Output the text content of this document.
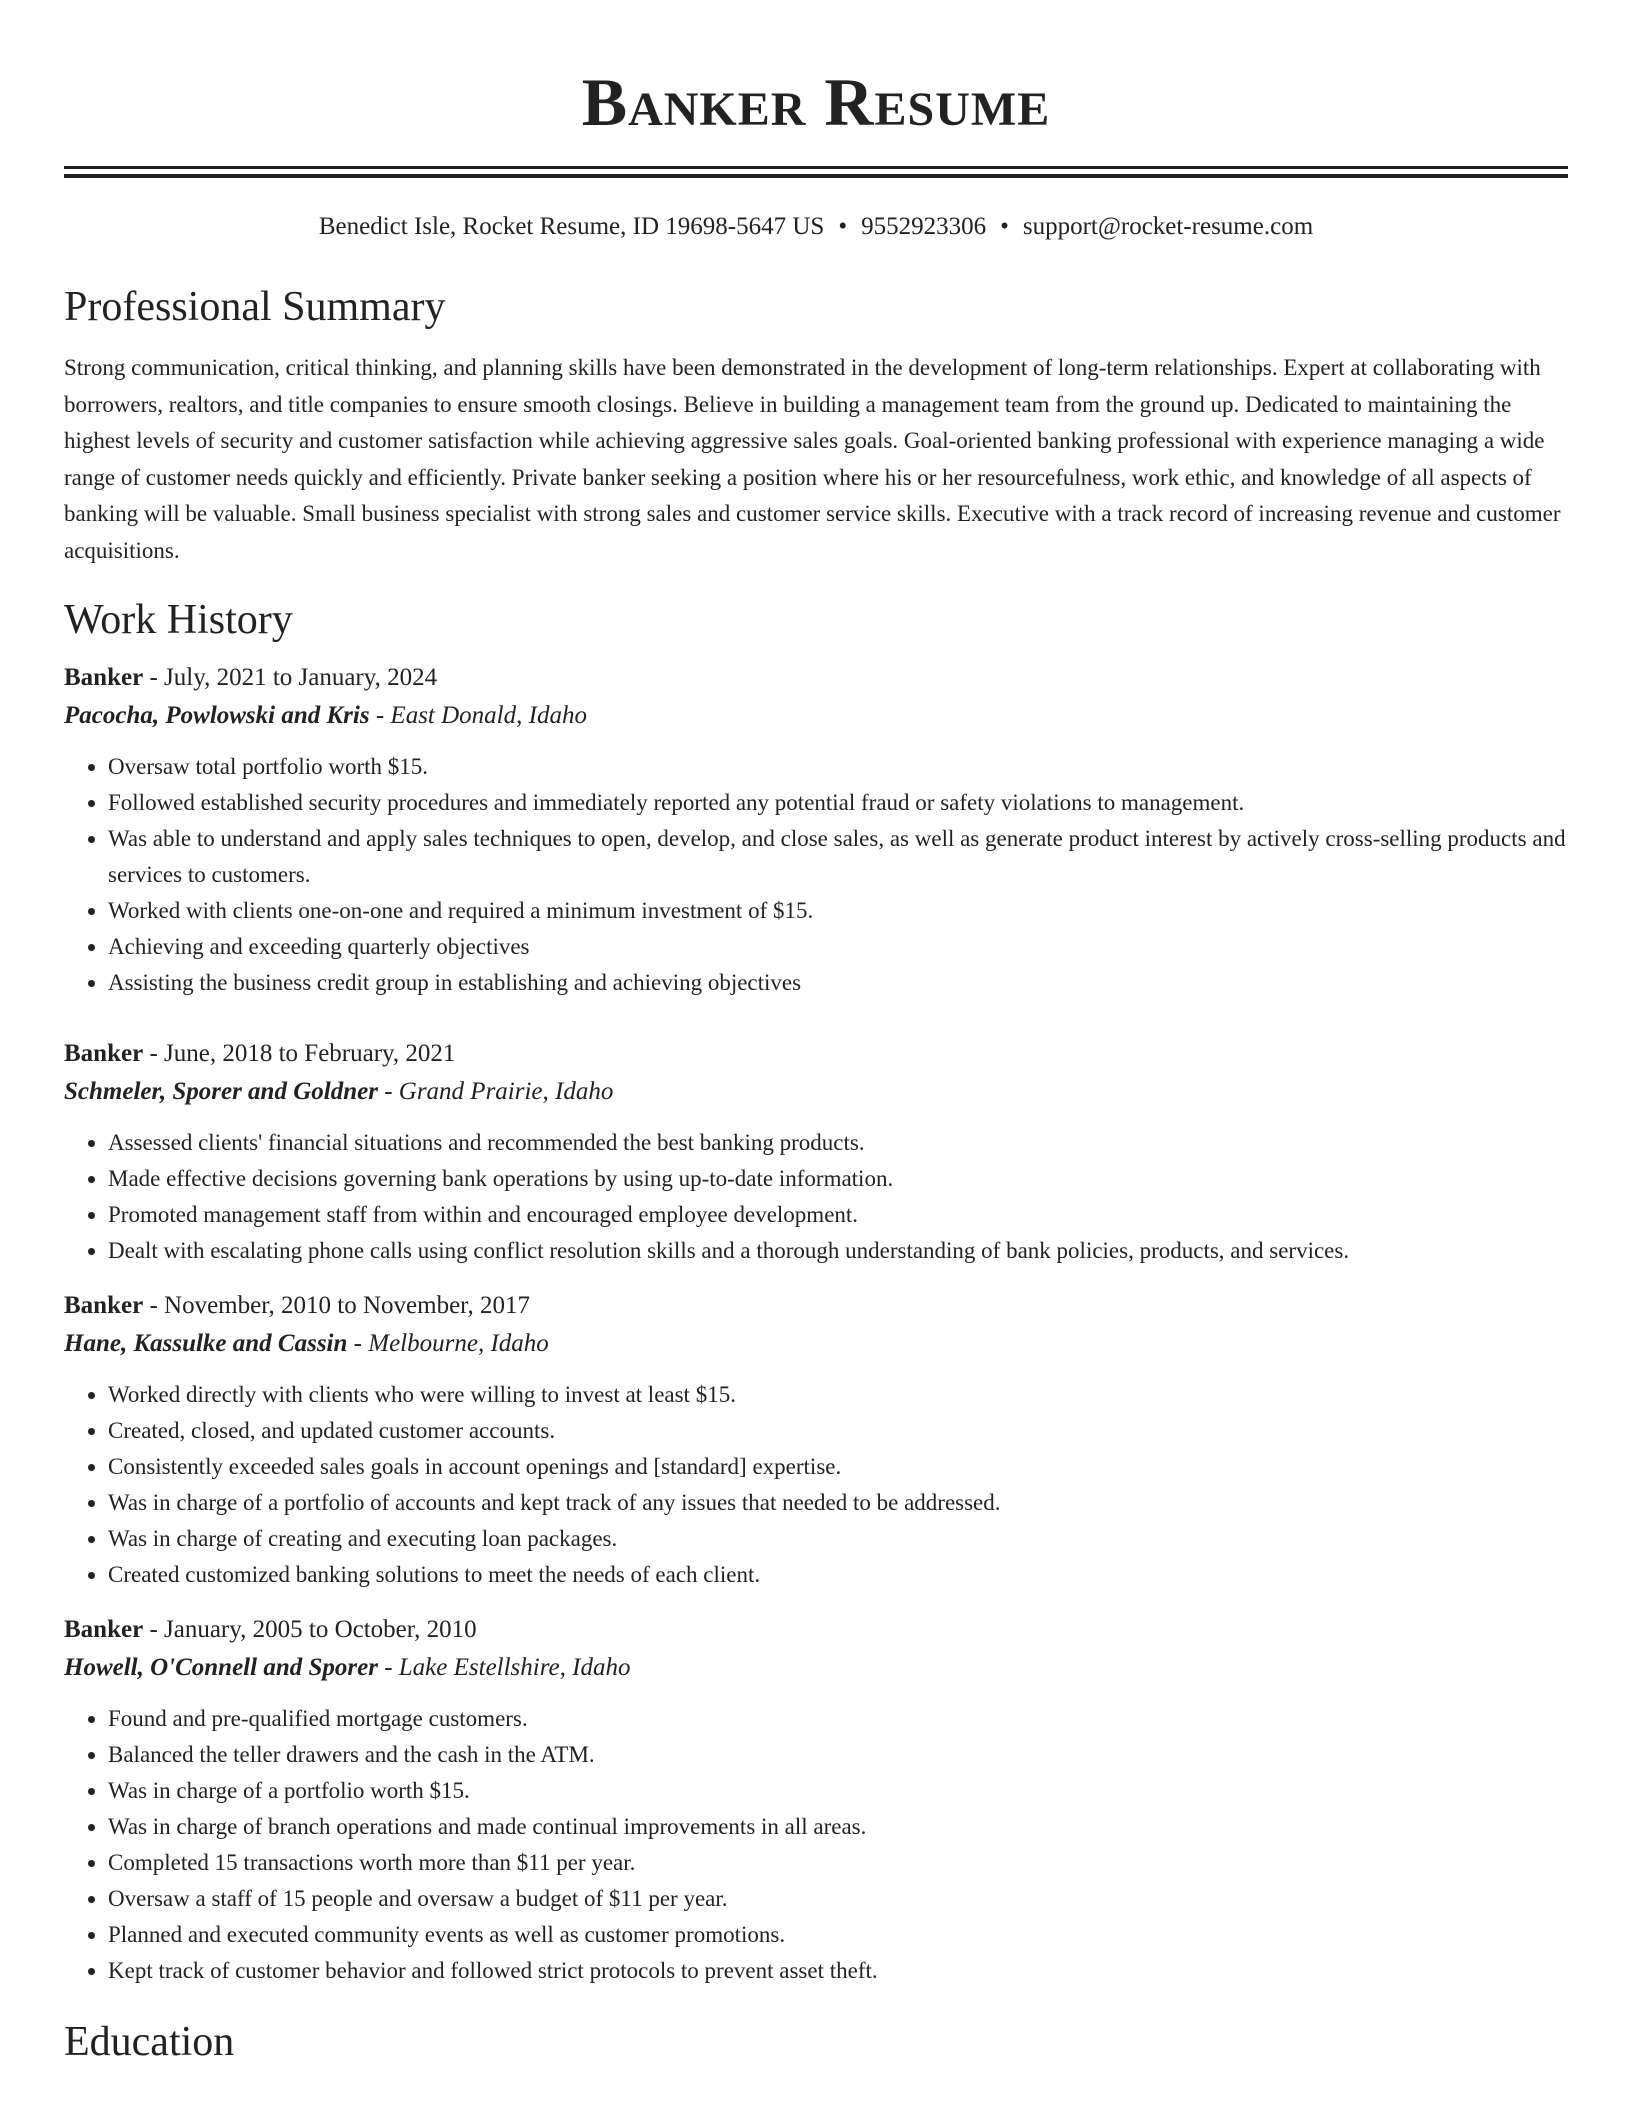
Banker Resume
Benedict Isle, Rocket Resume, ID 19698-5647 US • 9552923306 • support@rocket-resume.com
Professional Summary

Strong communication, critical thinking, and planning skills have been demonstrated in the development of long-term relationships. Expert at collaborating with borrowers, realtors, and title companies to ensure smooth closings. Believe in building a management team from the ground up. Dedicated to maintaining the highest levels of security and customer satisfaction while achieving aggressive sales goals. Goal-oriented banking professional with experience managing a wide range of customer needs quickly and efficiently. Private banker seeking a position where his or her resourcefulness, work ethic, and knowledge of all aspects of banking will be valuable. Small business specialist with strong sales and customer service skills. Executive with a track record of increasing revenue and customer acquisitions.

Work History
Banker - July, 2021 to January, 2024
Pacocha, Powlowski and Kris - East Donald, Idaho
• Oversaw total portfolio worth $15.
• Followed established security procedures and immediately reported any potential fraud or safety violations to management.
• Was able to understand and apply sales techniques to open, develop, and close sales, as well as generate product interest by actively cross-selling products and services to customers.
• Worked with clients one-on-one and required a minimum investment of $15.
• Achieving and exceeding quarterly objectives
• Assisting the business credit group in establishing and achieving objectives
Banker - June, 2018 to February, 2021
Schmeler, Sporer and Goldner - Grand Prairie, Idaho
• Assessed clients' financial situations and recommended the best banking products.
• Made effective decisions governing bank operations by using up-to-date information.
• Promoted management staff from within and encouraged employee development.
• Dealt with escalating phone calls using conflict resolution skills and a thorough understanding of bank policies, products, and services.
Banker - November, 2010 to November, 2017
Hane, Kassulke and Cassin - Melbourne, Idaho
• Worked directly with clients who were willing to invest at least $15.
• Created, closed, and updated customer accounts.
• Consistently exceeded sales goals in account openings and [standard] expertise.
• Was in charge of a portfolio of accounts and kept track of any issues that needed to be addressed.
• Was in charge of creating and executing loan packages.
• Created customized banking solutions to meet the needs of each client.
Banker - January, 2005 to October, 2010
Howell, O'Connell and Sporer - Lake Estellshire, Idaho
• Found and pre-qualified mortgage customers.
• Balanced the teller drawers and the cash in the ATM.
• Was in charge of a portfolio worth $15.
• Was in charge of branch operations and made continual improvements in all areas.
• Completed 15 transactions worth more than $11 per year.
• Oversaw a staff of 15 people and oversaw a budget of $11 per year.
• Planned and executed community events as well as customer promotions.
• Kept track of customer behavior and followed strict protocols to prevent asset theft.
Education
